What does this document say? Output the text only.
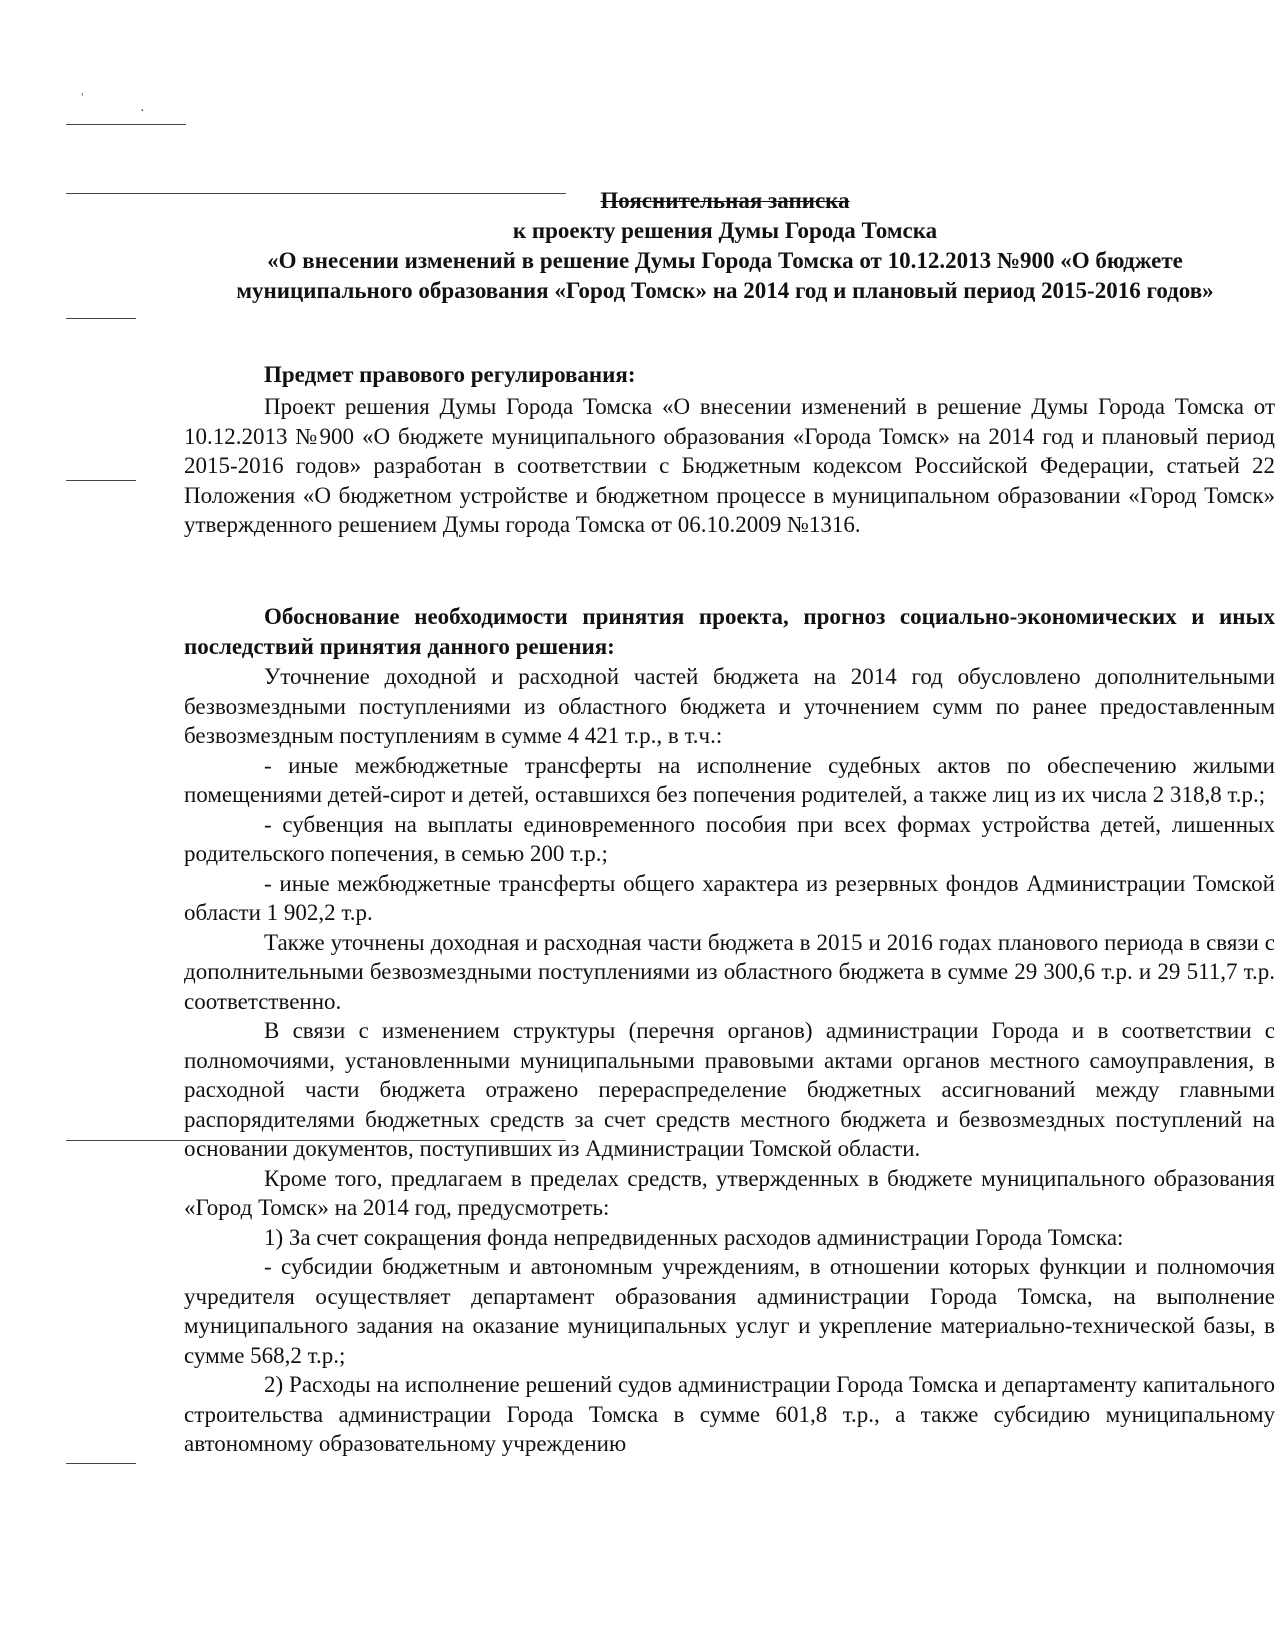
ʾ
·
Пояснительная записка
к проекту решения Думы Города Томска
«О внесении изменений в решение Думы Города Томска от 10.12.2013 №900 «О бюджете муниципального образования «Город Томск» на 2014 год и плановый период 2015-2016 годов»
Предмет правового регулирования:
Проект решения Думы Города Томска «О внесении изменений в решение Думы Города Томска от 10.12.2013 №900 «О бюджете муниципального образования «Города Томск» на 2014 год и плановый период 2015-2016 годов» разработан в соответствии с Бюджетным кодексом Российской Федерации, статьей 22 Положения «О бюджетном устройстве и бюджетном процессе в муниципальном образовании «Город Томск» утвержденного решением Думы города Томска от 06.10.2009 №1316.
Обоснование необходимости принятия проекта, прогноз социально-экономических и иных последствий принятия данного решения:

Уточнение доходной и расходной частей бюджета на 2014 год обусловлено дополнительными безвозмездными поступлениями из областного бюджета и уточнением сумм по ранее предоставленным безвозмездным поступлениям в сумме 4 421 т.р., в т.ч.:

- иные межбюджетные трансферты на исполнение судебных актов по обеспечению жилыми помещениями детей-сирот и детей, оставшихся без попечения родителей, а также лиц из их числа 2 318,8 т.р.;

- субвенция на выплаты единовременного пособия при всех формах устройства детей, лишенных родительского попечения, в семью 200 т.р.;

- иные межбюджетные трансферты общего характера из резервных фондов Администрации Томской области 1 902,2 т.р.

Также уточнены доходная и расходная части бюджета в 2015 и 2016 годах планового периода в связи с дополнительными безвозмездными поступлениями из областного бюджета в сумме 29 300,6 т.р. и 29 511,7 т.р. соответственно.

В связи с изменением структуры (перечня органов) администрации Города и в соответствии с полномочиями, установленными муниципальными правовыми актами органов местного самоуправления, в расходной части бюджета отражено перераспределение бюджетных ассигнований между главными распорядителями бюджетных средств за счет средств местного бюджета и безвозмездных поступлений на основании документов, поступивших из Администрации Томской области.

Кроме того, предлагаем в пределах средств, утвержденных в бюджете муниципального образования «Город Томск» на 2014 год, предусмотреть:

1) За счет сокращения фонда непредвиденных расходов администрации Города Томска:

- субсидии бюджетным и автономным учреждениям, в отношении которых функции и полномочия учредителя осуществляет департамент образования администрации Города Томска, на выполнение муниципального задания на оказание муниципальных услуг и укрепление материально-технической базы, в сумме 568,2 т.р.;

2) Расходы на исполнение решений судов администрации Города Томска и департаменту капитального строительства администрации Города Томска в сумме 601,8 т.р., а также субсидию муниципальному автономному образовательному учреждению
